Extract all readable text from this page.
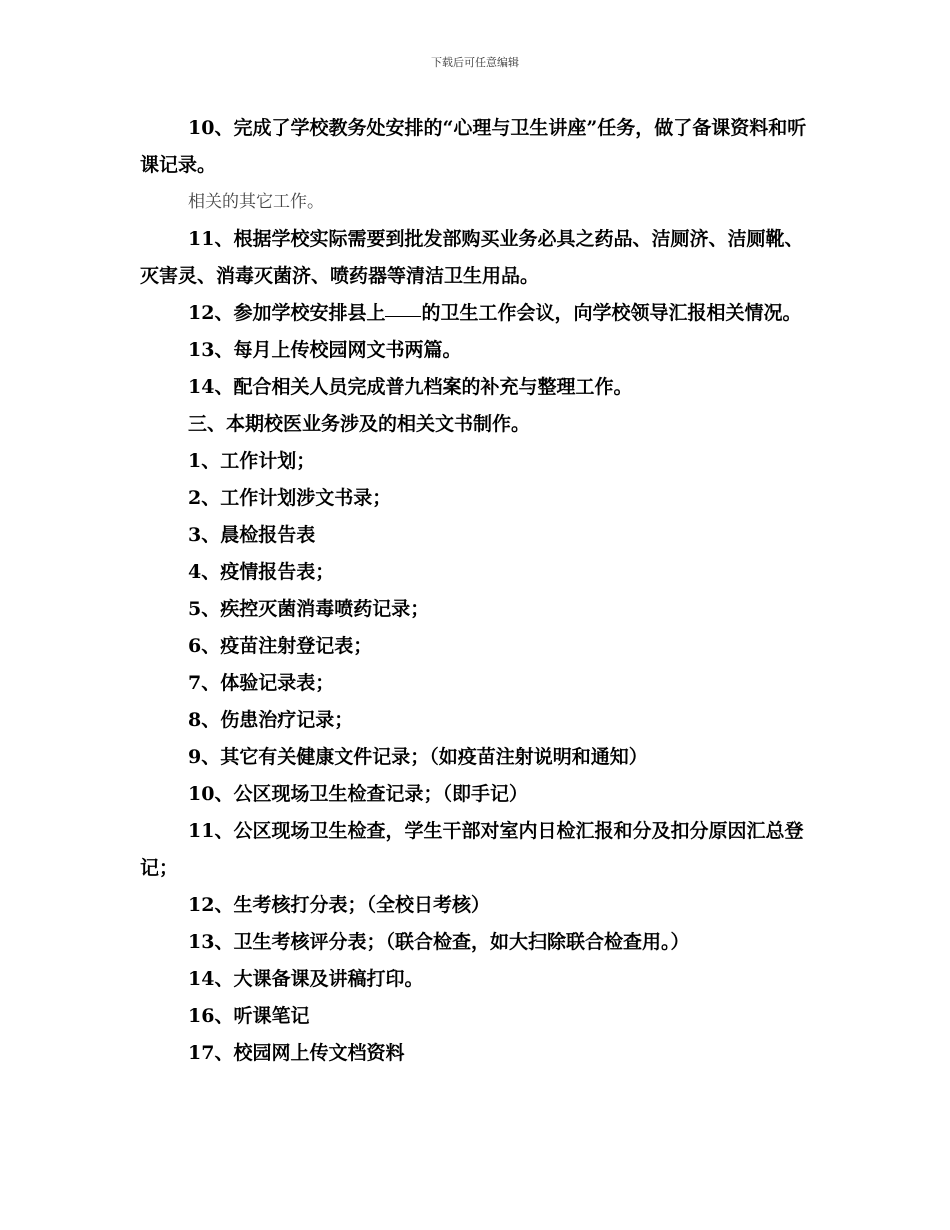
下载后可任意编辑

10、完成了学校教务处安排的“心理与卫生讲座”任务，做了备课资料和听课记录。

相关的其它工作。

11、根据学校实际需要到批发部购买业务必具之药品、洁厕济、洁厕靴、灭害灵、消毒灭菌济、喷药器等清洁卫生用品。

12、参加学校安排县上 的卫生工作会议，向学校领导汇报相关情况。

13、每月上传校园网文书两篇。

14、配合相关人员完成普九档案的补充与整理工作。

三、本期校医业务涉及的相关文书制作。

1、工作计划；

2、工作计划涉文书录；

3、晨检报告表

4、疫情报告表；

5、疾控灭菌消毒喷药记录；

6、疫苗注射登记表；

7、体验记录表；

8、伤患治疗记录；

9、其它有关健康文件记录；（如疫苗注射说明和通知）

10、公区现场卫生检查记录；（即手记）

11、公区现场卫生检查，学生干部对室内日检汇报和分及扣分原因汇总登记；

12、生考核打分表；（全校日考核）

13、卫生考核评分表；（联合检查，如大扫除联合检查用。）

14、大课备课及讲稿打印。

16、听课笔记

17、校园网上传文档资料
